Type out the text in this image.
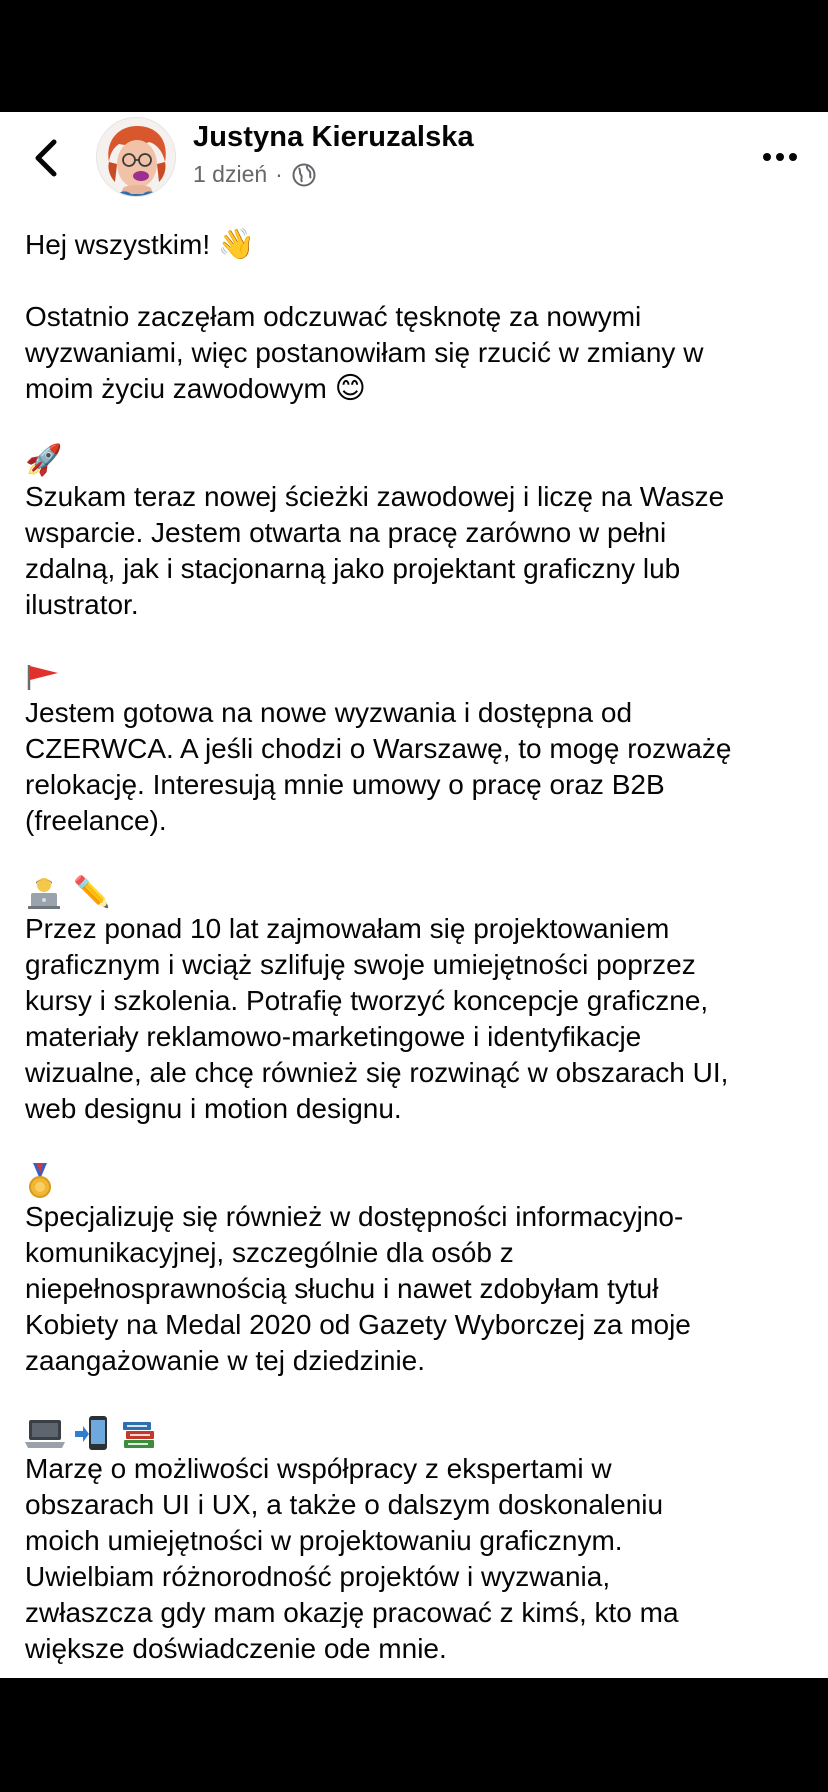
Justyna Kieruzalska
1 dzień ·

Hej wszystkim! 👋

Ostatnio zaczęłam odczuwać tęsknotę za nowymi
wyzwaniami, więc postanowiłam się rzucić w zmiany w
moim życiu zawodowym 😊

🚀

Szukam teraz nowej ścieżki zawodowej i liczę na Wasze
wsparcie. Jestem otwarta na pracę zarówno w pełni
zdalną, jak i stacjonarną jako projektant graficzny lub
ilustrator.

Jestem gotowa na nowe wyzwania i dostępna od
CZERWCA. A jeśli chodzi o Warszawę, to mogę rozważę
relokację. Interesują mnie umowy o pracę oraz B2B
(freelance).

✏️

Przez ponad 10 lat zajmowałam się projektowaniem
graficznym i wciąż szlifuję swoje umiejętności poprzez
kursy i szkolenia. Potrafię tworzyć koncepcje graficzne,
materiały reklamowo-marketingowe i identyfikacje
wizualne, ale chcę również się rozwinąć w obszarach UI,
web designu i motion designu.

Specjalizuję się również w dostępności informacyjno-
komunikacyjnej, szczególnie dla osób z
niepełnosprawnością słuchu i nawet zdobyłam tytuł
Kobiety na Medal 2020 od Gazety Wyborczej za moje
zaangażowanie w tej dziedzinie.

Marzę o możliwości współpracy z ekspertami w
obszarach UI i UX, a także o dalszym doskonaleniu
moich umiejętności w projektowaniu graficznym.
Uwielbiam różnorodność projektów i wyzwania,
zwłaszcza gdy mam okazję pracować z kimś, kto ma
większe doświadczenie ode mnie.
